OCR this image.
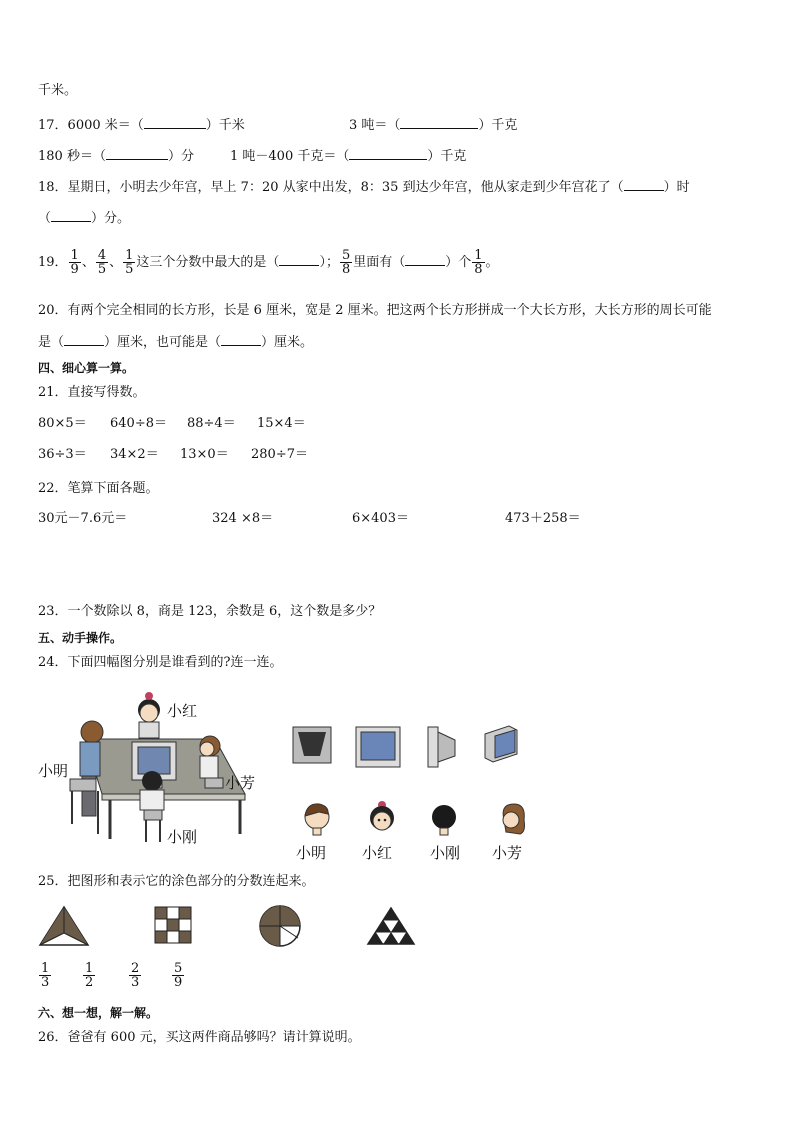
千米。
17．6000 米＝（	）千米	3 吨＝（	）千克
180 秒＝（	）分	1 吨－400 千克＝（	）千克
18．星期日，小明去少年宫，早上 7：20 从家中出发，8：35 到达少年宫，他从家走到少年宫花了（	）时
（	）分。
19． $\frac{1}{9}$ 、 $\frac{4}{5}$ 、 $\frac{1}{5}$ 这三个分数中最大的是（	）； $\frac{5}{8}$ 里面有（	）个 $\frac{1}{8}$ 。
20．有两个完全相同的长方形，长是 6 厘米，宽是 2 厘米。把这两个长方形拼成一个大长方形，大长方形的周长可能
是（	）厘米，也可能是（	）厘米。
四、细心算一算。
21．直接写得数。
80×5＝ 640÷8＝ 88÷4＝ 15×4＝
36÷3＝ 34×2＝ 13×0＝ 280÷7＝
22．笔算下面各题。
30元－7.6元＝	324 ×8＝	6×403＝	473＋258＝
23．一个数除以 8，商是 123，余数是 6，这个数是多少？
五、动手操作。
24．下面四幅图分别是谁看到的?连一连。
小红
小明
小芳
小刚
小明 小红	小刚 小芳
25．把图形和表示它的涂色部分的分数连起来。
$\frac{1}{3} \frac{1}{2}$	$\frac{2}{3} \frac{5}{9}$
六、想一想，解一解。
26．爸爸有 600 元，买这两件商品够吗？请计算说明。
